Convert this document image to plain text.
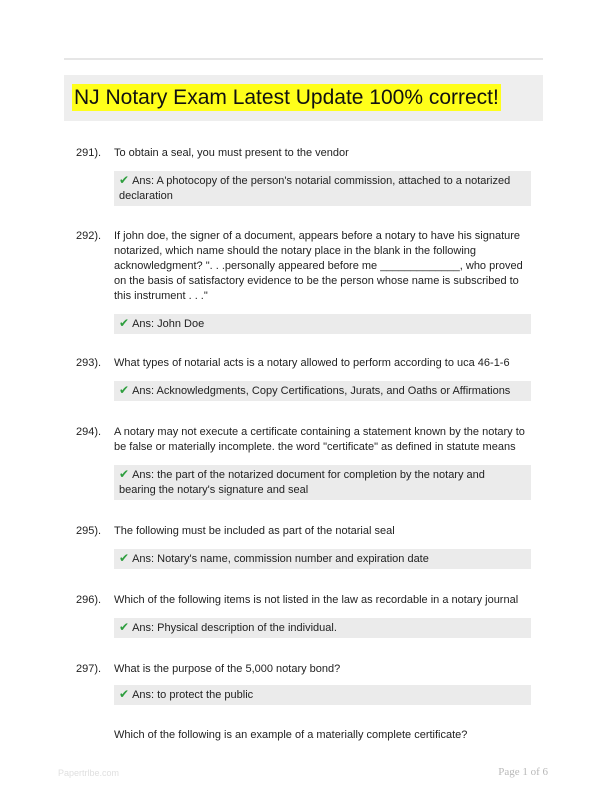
NJ Notary Exam Latest Update 100% correct!
291). To obtain a seal, you must present to the vendor
✔ Ans: A photocopy of the person's notarial commission, attached to a notarized declaration
292). If john doe, the signer of a document, appears before a notary to have his signature notarized, which name should the notary place in the blank in the following acknowledgment? ". . .personally appeared before me _____________, who proved on the basis of satisfactory evidence to be the person whose name is subscribed to this instrument . . ."
✔ Ans: John Doe
293). What types of notarial acts is a notary allowed to perform according to uca 46-1-6
✔ Ans: Acknowledgments, Copy Certifications, Jurats, and Oaths or Affirmations
294). A notary may not execute a certificate containing a statement known by the notary to be false or materially incomplete. the word "certificate" as defined in statute means
✔ Ans: the part of the notarized document for completion by the notary and bearing the notary's signature and seal
295). The following must be included as part of the notarial seal
✔ Ans: Notary's name, commission number and expiration date
296). Which of the following items is not listed in the law as recordable in a notary journal
✔ Ans: Physical description of the individual.
297). What is the purpose of the 5,000 notary bond?
✔ Ans: to protect the public
Which of the following is an example of a materially complete certificate?
Papertrlbe.com	Page 1 of 6
